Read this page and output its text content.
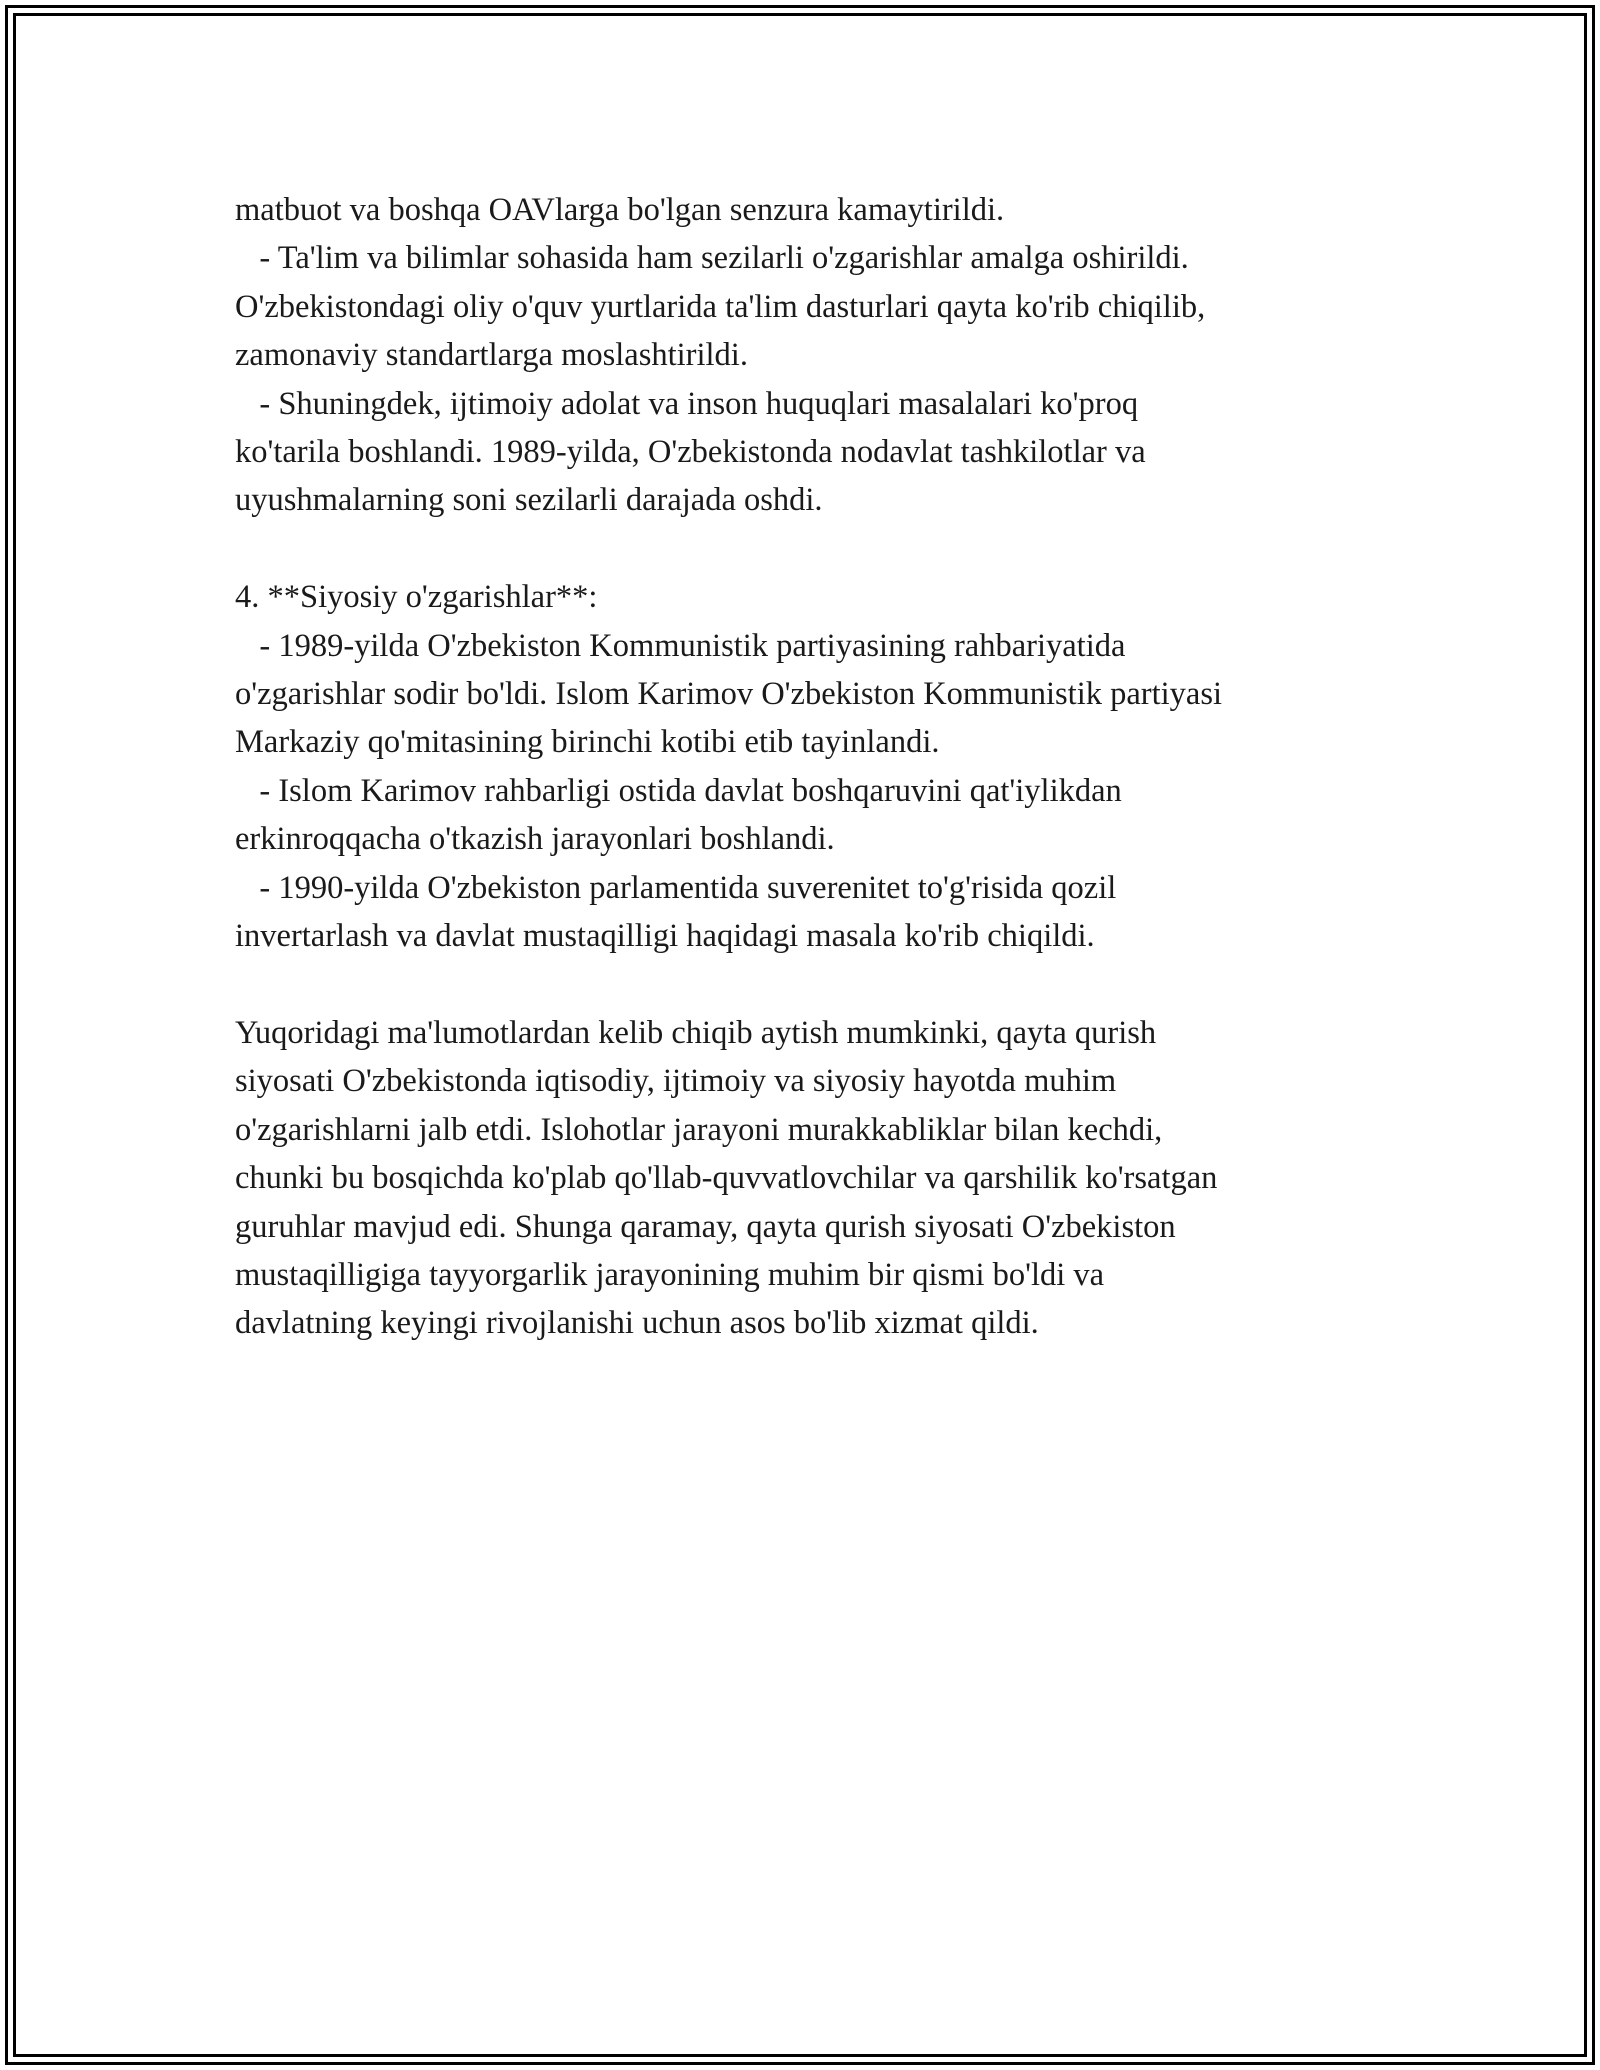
matbuot va boshqa OAVlarga bo'lgan senzura kamaytirildi.
- Ta'lim va bilimlar sohasida ham sezilarli o'zgarishlar amalga oshirildi.
O'zbekistondagi oliy o'quv yurtlarida ta'lim dasturlari qayta ko'rib chiqilib,
zamonaviy standartlarga moslashtirildi.
- Shuningdek, ijtimoiy adolat va inson huquqlari masalalari ko'proq
ko'tarila boshlandi. 1989-yilda, O'zbekistonda nodavlat tashkilotlar va
uyushmalarning soni sezilarli darajada oshdi.
4. **Siyosiy o'zgarishlar**:
- 1989-yilda O'zbekiston Kommunistik partiyasining rahbariyatida
o'zgarishlar sodir bo'ldi. Islom Karimov O'zbekiston Kommunistik partiyasi
Markaziy qo'mitasining birinchi kotibi etib tayinlandi.
- Islom Karimov rahbarligi ostida davlat boshqaruvini qat'iylikdan
erkinroqqacha o'tkazish jarayonlari boshlandi.
- 1990-yilda O'zbekiston parlamentida suverenitet to'g'risida qozil
invertarlash va davlat mustaqilligi haqidagi masala ko'rib chiqildi.
Yuqoridagi ma'lumotlardan kelib chiqib aytish mumkinki, qayta qurish
siyosati O'zbekistonda iqtisodiy, ijtimoiy va siyosiy hayotda muhim
o'zgarishlarni jalb etdi. Islohotlar jarayoni murakkabliklar bilan kechdi,
chunki bu bosqichda ko'plab qo'llab-quvvatlovchilar va qarshilik ko'rsatgan
guruhlar mavjud edi. Shunga qaramay, qayta qurish siyosati O'zbekiston
mustaqilligiga tayyorgarlik jarayonining muhim bir qismi bo'ldi va
davlatning keyingi rivojlanishi uchun asos bo'lib xizmat qildi.
